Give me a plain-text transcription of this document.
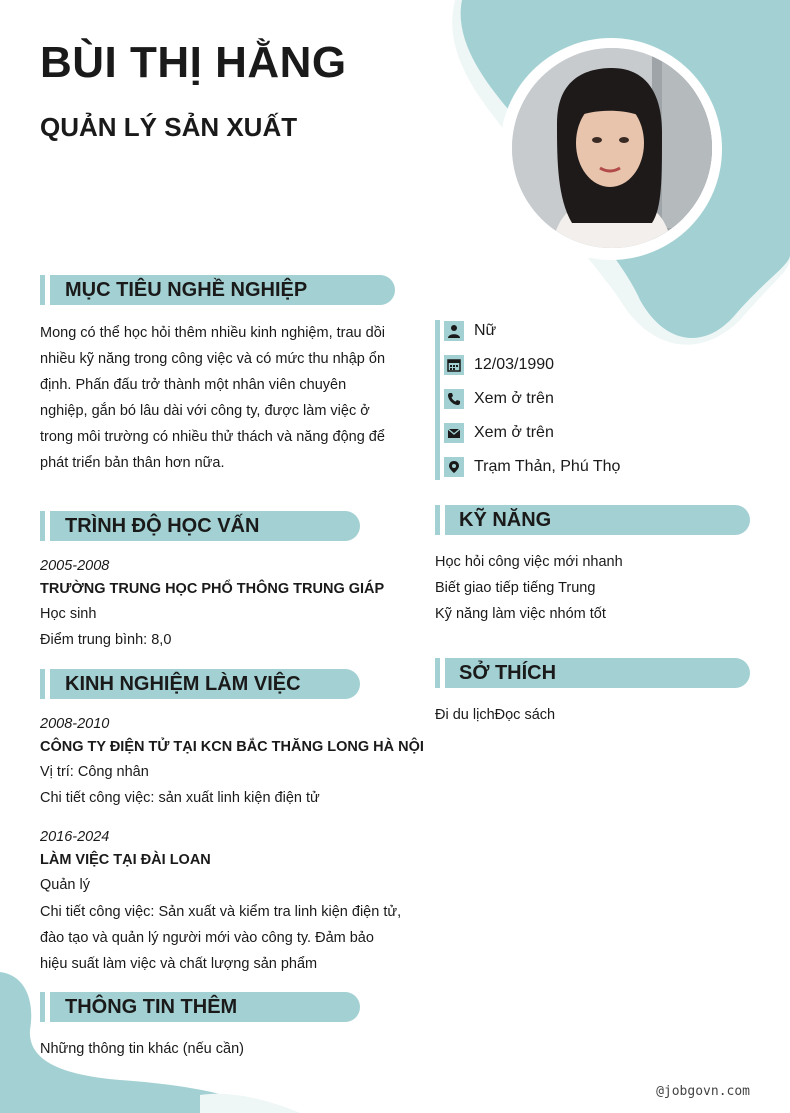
BÙI THỊ HẰNG
QUẢN LÝ SẢN XUẤT
MỤC TIÊU NGHỀ NGHIỆP
Mong có thể học hỏi thêm nhiều kinh nghiệm, trau dồi nhiều kỹ năng trong công việc và có mức thu nhập ổn định. Phấn đấu trở thành một nhân viên chuyên nghiệp, gắn bó lâu dài với công ty, được làm việc ở trong môi trường có nhiều thử thách và năng động để phát triển bản thân hơn nữa.
TRÌNH ĐỘ HỌC VẤN
2005-2008
TRƯỜNG TRUNG HỌC PHỔ THÔNG TRUNG GIÁP
Học sinh
Điểm trung bình: 8,0
KINH NGHIỆM LÀM VIỆC
2008-2010
CÔNG TY ĐIỆN TỬ TẠI KCN BẮC THĂNG LONG HÀ NỘI
Vị trí: Công nhân
Chi tiết công việc: sản xuất linh kiện điện tử
2016-2024
LÀM VIỆC TẠI ĐÀI LOAN
Quản lý
Chi tiết công việc: Sản xuất và kiểm tra linh kiện điện tử, đào tạo và quản lý người mới vào công ty. Đảm bảo hiệu suất làm việc và chất lượng sản phẩm
THÔNG TIN THÊM
Những thông tin khác (nếu cần)
Nữ
12/03/1990
Xem ở trên
Xem ở trên
Trạm Thản, Phú Thọ
KỸ NĂNG
Học hỏi công việc mới nhanh
Biết giao tiếp tiếng Trung
Kỹ năng làm việc nhóm tốt
SỞ THÍCH
Đi du lịchĐọc sách
@jobgovn.com
